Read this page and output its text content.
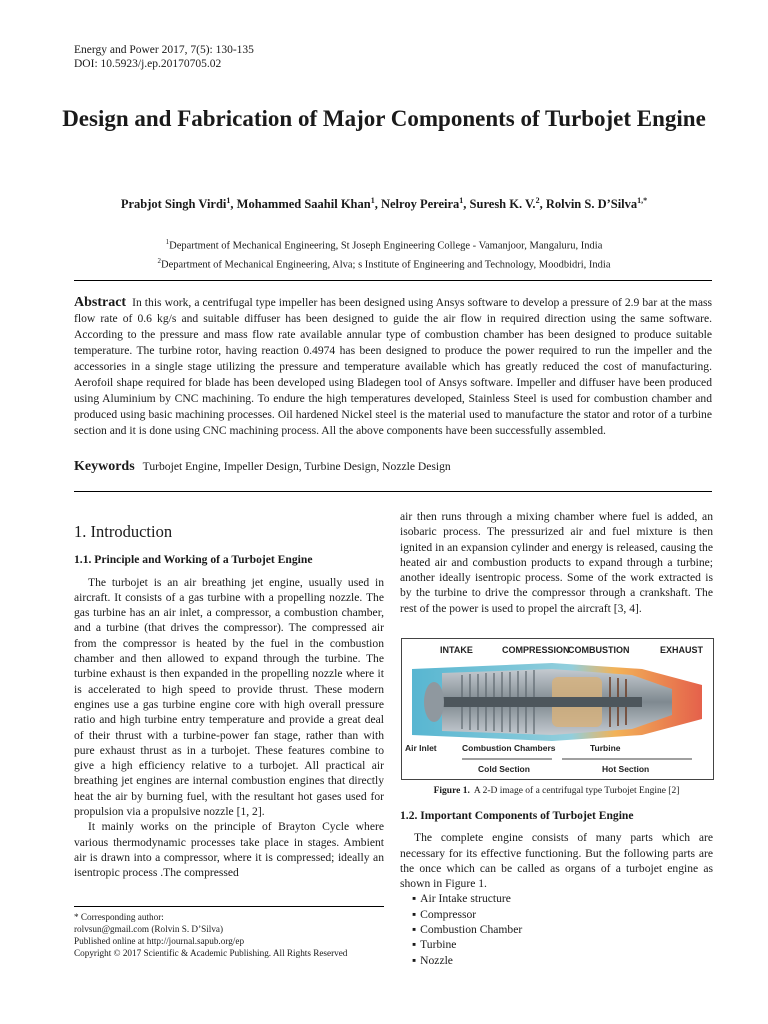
Energy and Power 2017, 7(5): 130-135
DOI: 10.5923/j.ep.20170705.02
Design and Fabrication of Major Components of Turbojet Engine
Prabjot Singh Virdi$^1$, Mohammed Saahil Khan$^1$, Nelroy Pereira$^1$, Suresh K. V.$^2$, Rolvin S. D’Silva$^{1,*}$
$^1$Department of Mechanical Engineering, St Joseph Engineering College - Vamanjoor, Mangaluru, India
$^2$Department of Mechanical Engineering, Alva; s Institute of Engineering and Technology, Moodbidri, India
Abstract In this work, a centrifugal type impeller has been designed using Ansys software to develop a pressure of 2.9 bar at the mass flow rate of 0.6 kg/s and suitable diffuser has been designed to guide the air flow in required direction using the same software. According to the pressure and mass flow rate available annular type of combustion chamber has been designed to produce suitable temperature. The turbine rotor, having reaction 0.4974 has been designed to produce the power required to run the impeller and the accessories in a single stage utilizing the pressure and temperature available which has greatly reduced the cost of manufacturing. Aerofoil shape required for blade has been developed using Bladegen tool of Ansys software. Impeller and diffuser have been produced using Aluminium by CNC machining. To endure the high temperatures developed, Stainless Steel is used for combustion chamber and produced using basic machining processes. Oil hardened Nickel steel is the material used to manufacture the stator and rotor of a turbine section and it is done using CNC machining process. All the above components have been successfully assembled.
Keywords Turbojet Engine, Impeller Design, Turbine Design, Nozzle Design
1. Introduction
1.1. Principle and Working of a Turbojet Engine

The turbojet is an air breathing jet engine, usually used in aircraft. It consists of a gas turbine with a propelling nozzle. The gas turbine has an air inlet, a compressor, a combustion chamber, and a turbine (that drives the compressor). The compressed air from the compressor is heated by the fuel in the combustion chamber and then allowed to expand through the turbine. The turbine exhaust is then expanded in the propelling nozzle where it is accelerated to high speed to provide thrust. These modern engines use a gas turbine engine core with high overall pressure ratio and high turbine entry temperature and provide a great deal of their thrust with a turbine-power fan stage, rather than with pure exhaust thrust as in a turbojet. These features combine to give a high efficiency relative to a turbojet. All practical air breathing jet engines are internal combustion engines that directly heat the air by burning fuel, with the resultant hot gases used for propulsion via a propulsive nozzle [1, 2].

It mainly works on the principle of Brayton Cycle where various thermodynamic processes take place in stages. Ambient air is drawn into a compressor, where it is compressed; ideally an isentropic process .The compressed

air then runs through a mixing chamber where fuel is added, an isobaric process. The pressurized air and fuel mixture is then ignited in an expansion cylinder and energy is released, causing the heated air and combustion products to expand through a turbine; another ideally isentropic process. Some of the work extracted is by the turbine to drive the compressor through a crankshaft. The rest of the power is used to propel the aircraft [3, 4].

INTAKE	COMPRESSION
COMBUSTION	EXHAUST
Air Inlet	Combustion Chambers	Turbine
Cold Section	Hot Section
Figure 1. A 2-D image of a centrifugal type Turbojet Engine [2]
1.2. Important Components of Turbojet Engine

The complete engine consists of many parts which are necessary for its effective functioning. But the following parts are the once which can be called as organs of a turbojet engine as shown in Figure 1.

▪ Air Intake structure
▪ Compressor
▪ Combustion Chamber
▪ Turbine
▪ Nozzle
* Corresponding author:
rolvsun@gmail.com (Rolvin S. D’Silva)
Published online at http://journal.sapub.org/ep
Copyright © 2017 Scientific & Academic Publishing. All Rights Reserved
